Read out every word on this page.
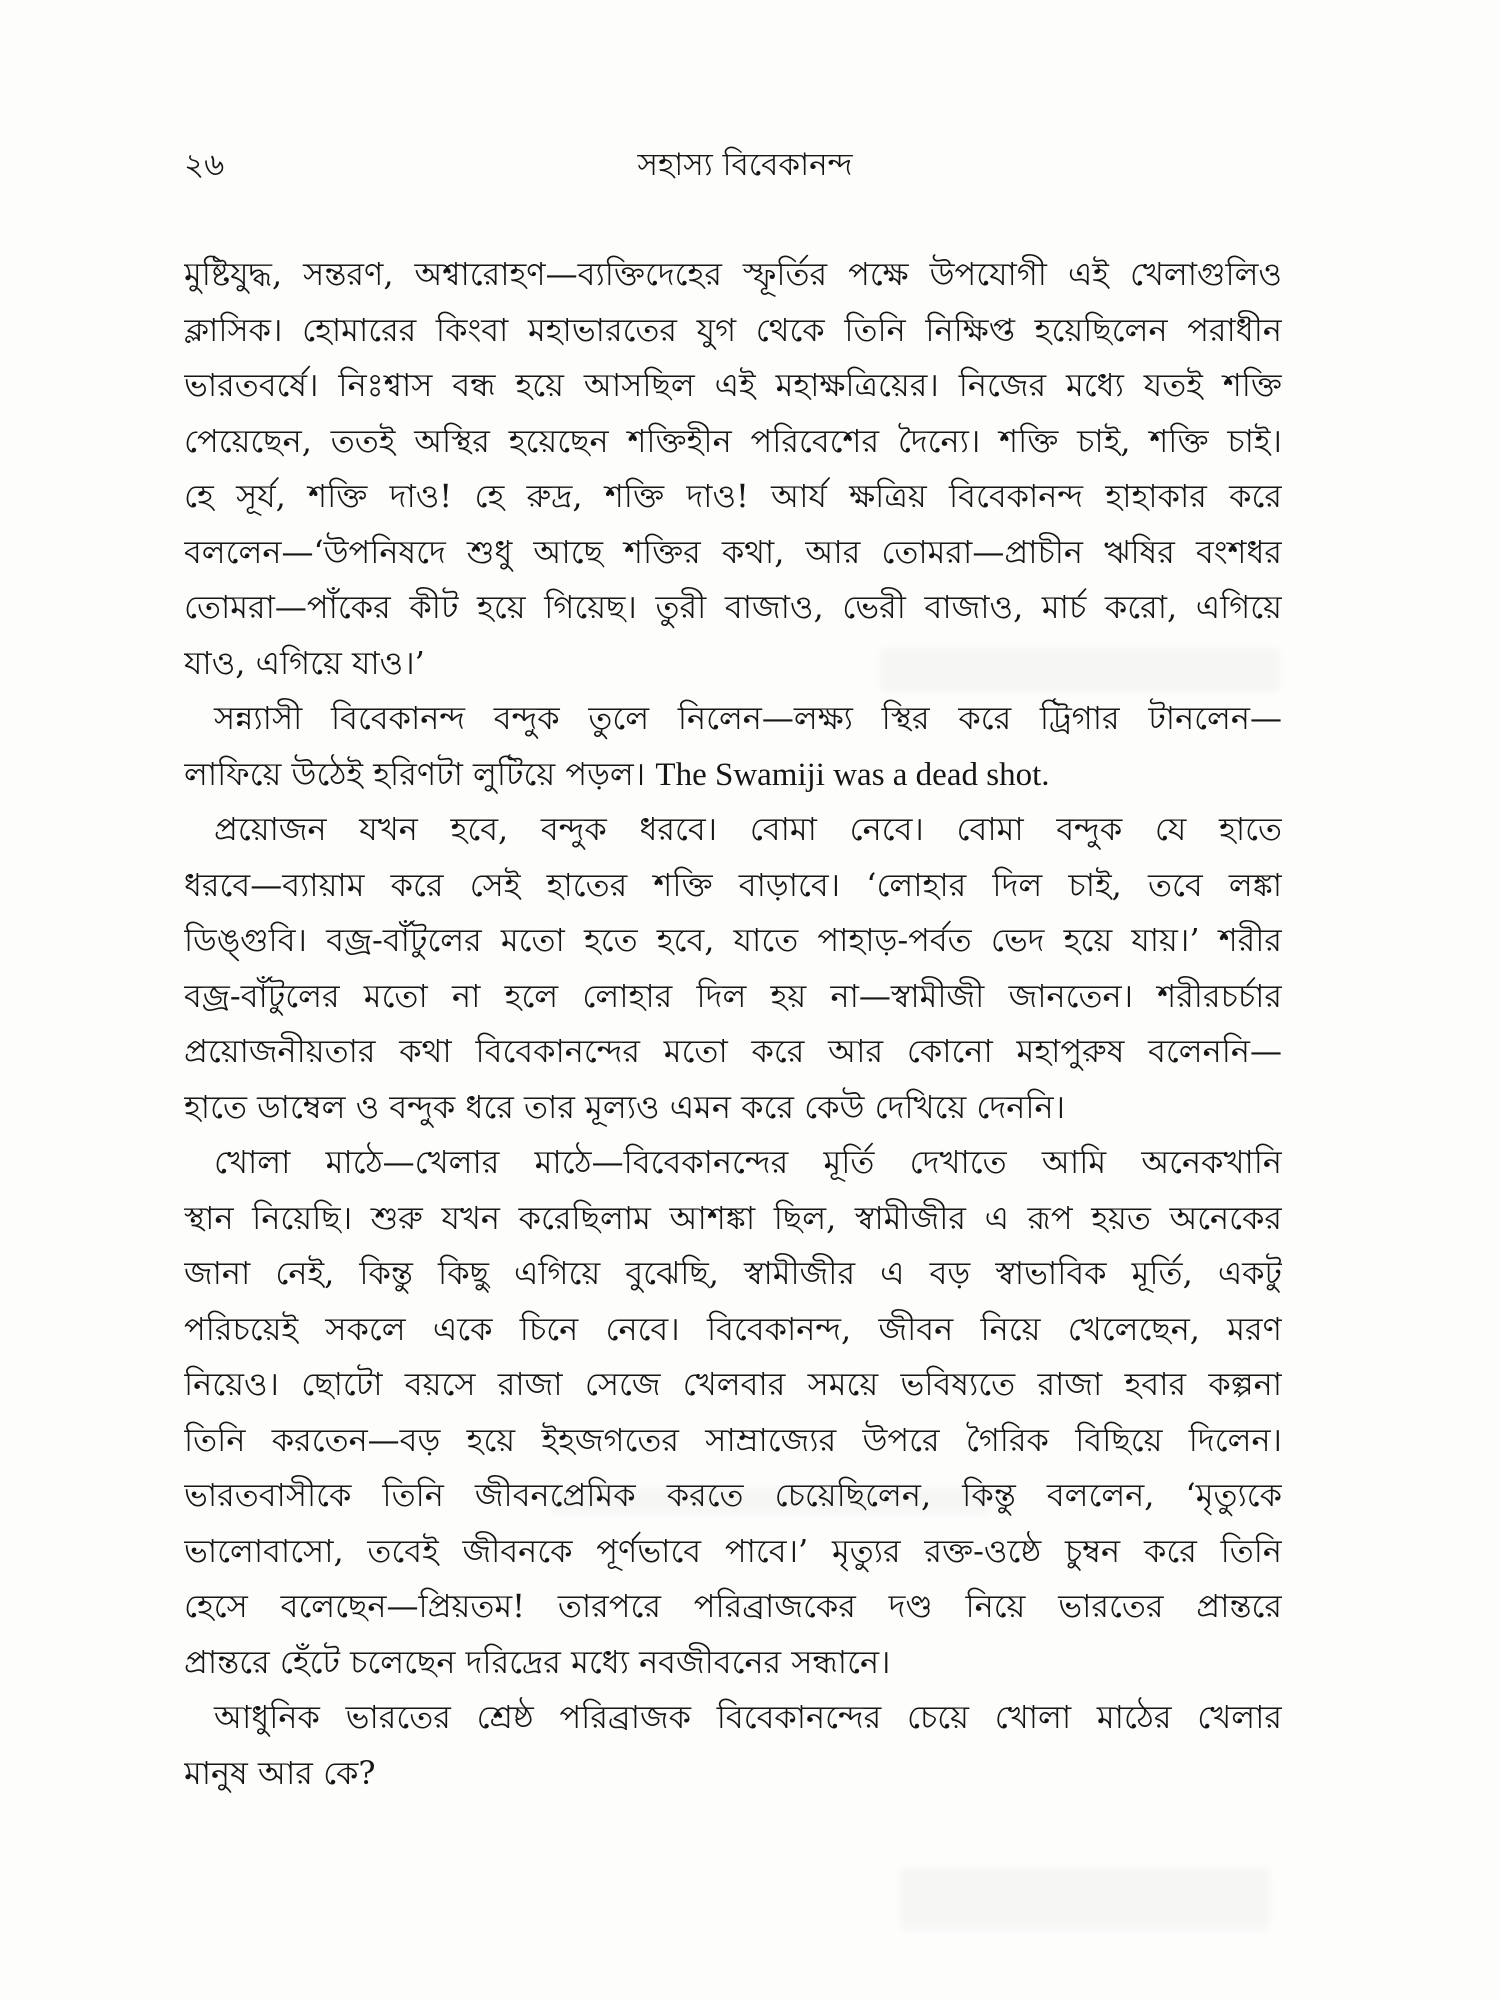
২৬	সহাস্য বিবেকানন্দ
মুষ্টিযুদ্ধ, সন্তরণ, অশ্বারোহণ—ব্যক্তিদেহের স্ফূর্তির পক্ষে উপযোগী এই খেলাগুলিও
ক্লাসিক। হোমারের কিংবা মহাভারতের যুগ থেকে তিনি নিক্ষিপ্ত হয়েছিলেন পরাধীন
ভারতবর্ষে। নিঃশ্বাস বন্ধ হয়ে আসছিল এই মহাক্ষত্রিয়ের। নিজের মধ্যে যতই শক্তি
পেয়েছেন, ততই অস্থির হয়েছেন শক্তিহীন পরিবেশের দৈন্যে। শক্তি চাই, শক্তি চাই।
হে সূর্য, শক্তি দাও! হে রুদ্র, শক্তি দাও! আর্য ক্ষত্রিয় বিবেকানন্দ হাহাকার করে
বললেন—‘উপনিষদে শুধু আছে শক্তির কথা, আর তোমরা—প্রাচীন ঋষির বংশধর
তোমরা—পাঁকের কীট হয়ে গিয়েছ। তুরী বাজাও, ভেরী বাজাও, মার্চ করো, এগিয়ে
যাও, এগিয়ে যাও।’
সন্ন্যাসী বিবেকানন্দ বন্দুক তুলে নিলেন—লক্ষ্য স্থির করে ট্রিগার টানলেন—
লাফিয়ে উঠেই হরিণটা লুটিয়ে পড়ল। The Swamiji was a dead shot.
প্রয়োজন যখন হবে, বন্দুক ধরবে। বোমা নেবে। বোমা বন্দুক যে হাতে
ধরবে—ব্যায়াম করে সেই হাতের শক্তি বাড়াবে। ‘লোহার দিল চাই, তবে লঙ্কা
ডিঙ্গুবি। বজ্র-বাঁটুলের মতো হতে হবে, যাতে পাহাড়-পর্বত ভেদ হয়ে যায়।’ শরীর
বজ্র-বাঁটুলের মতো না হলে লোহার দিল হয় না—স্বামীজী জানতেন। শরীরচর্চার
প্রয়োজনীয়তার কথা বিবেকানন্দের মতো করে আর কোনো মহাপুরুষ বলেননি—
হাতে ডাম্বেল ও বন্দুক ধরে তার মূল্যও এমন করে কেউ দেখিয়ে দেননি।
খোলা মাঠে—খেলার মাঠে—বিবেকানন্দের মূর্তি দেখাতে আমি অনেকখানি
স্থান নিয়েছি। শুরু যখন করেছিলাম আশঙ্কা ছিল, স্বামীজীর এ রূপ হয়ত অনেকের
জানা নেই, কিন্তু কিছু এগিয়ে বুঝেছি, স্বামীজীর এ বড় স্বাভাবিক মূর্তি, একটু
পরিচয়েই সকলে একে চিনে নেবে। বিবেকানন্দ, জীবন নিয়ে খেলেছেন, মরণ
নিয়েও। ছোটো বয়সে রাজা সেজে খেলবার সময়ে ভবিষ্যতে রাজা হবার কল্পনা
তিনি করতেন—বড় হয়ে ইহজগতের সাম্রাজ্যের উপরে গৈরিক বিছিয়ে দিলেন।
ভারতবাসীকে তিনি জীবনপ্রেমিক করতে চেয়েছিলেন, কিন্তু বললেন, ‘মৃত্যুকে
ভালোবাসো, তবেই জীবনকে পূর্ণভাবে পাবে।’ মৃত্যুর রক্ত-ওষ্ঠে চুম্বন করে তিনি
হেসে বলেছেন—প্রিয়তম! তারপরে পরিব্রাজকের দণ্ড নিয়ে ভারতের প্রান্তরে
প্রান্তরে হেঁটে চলেছেন দরিদ্রের মধ্যে নবজীবনের সন্ধানে।
আধুনিক ভারতের শ্রেষ্ঠ পরিব্রাজক বিবেকানন্দের চেয়ে খোলা মাঠের খেলার
মানুষ আর কে?
